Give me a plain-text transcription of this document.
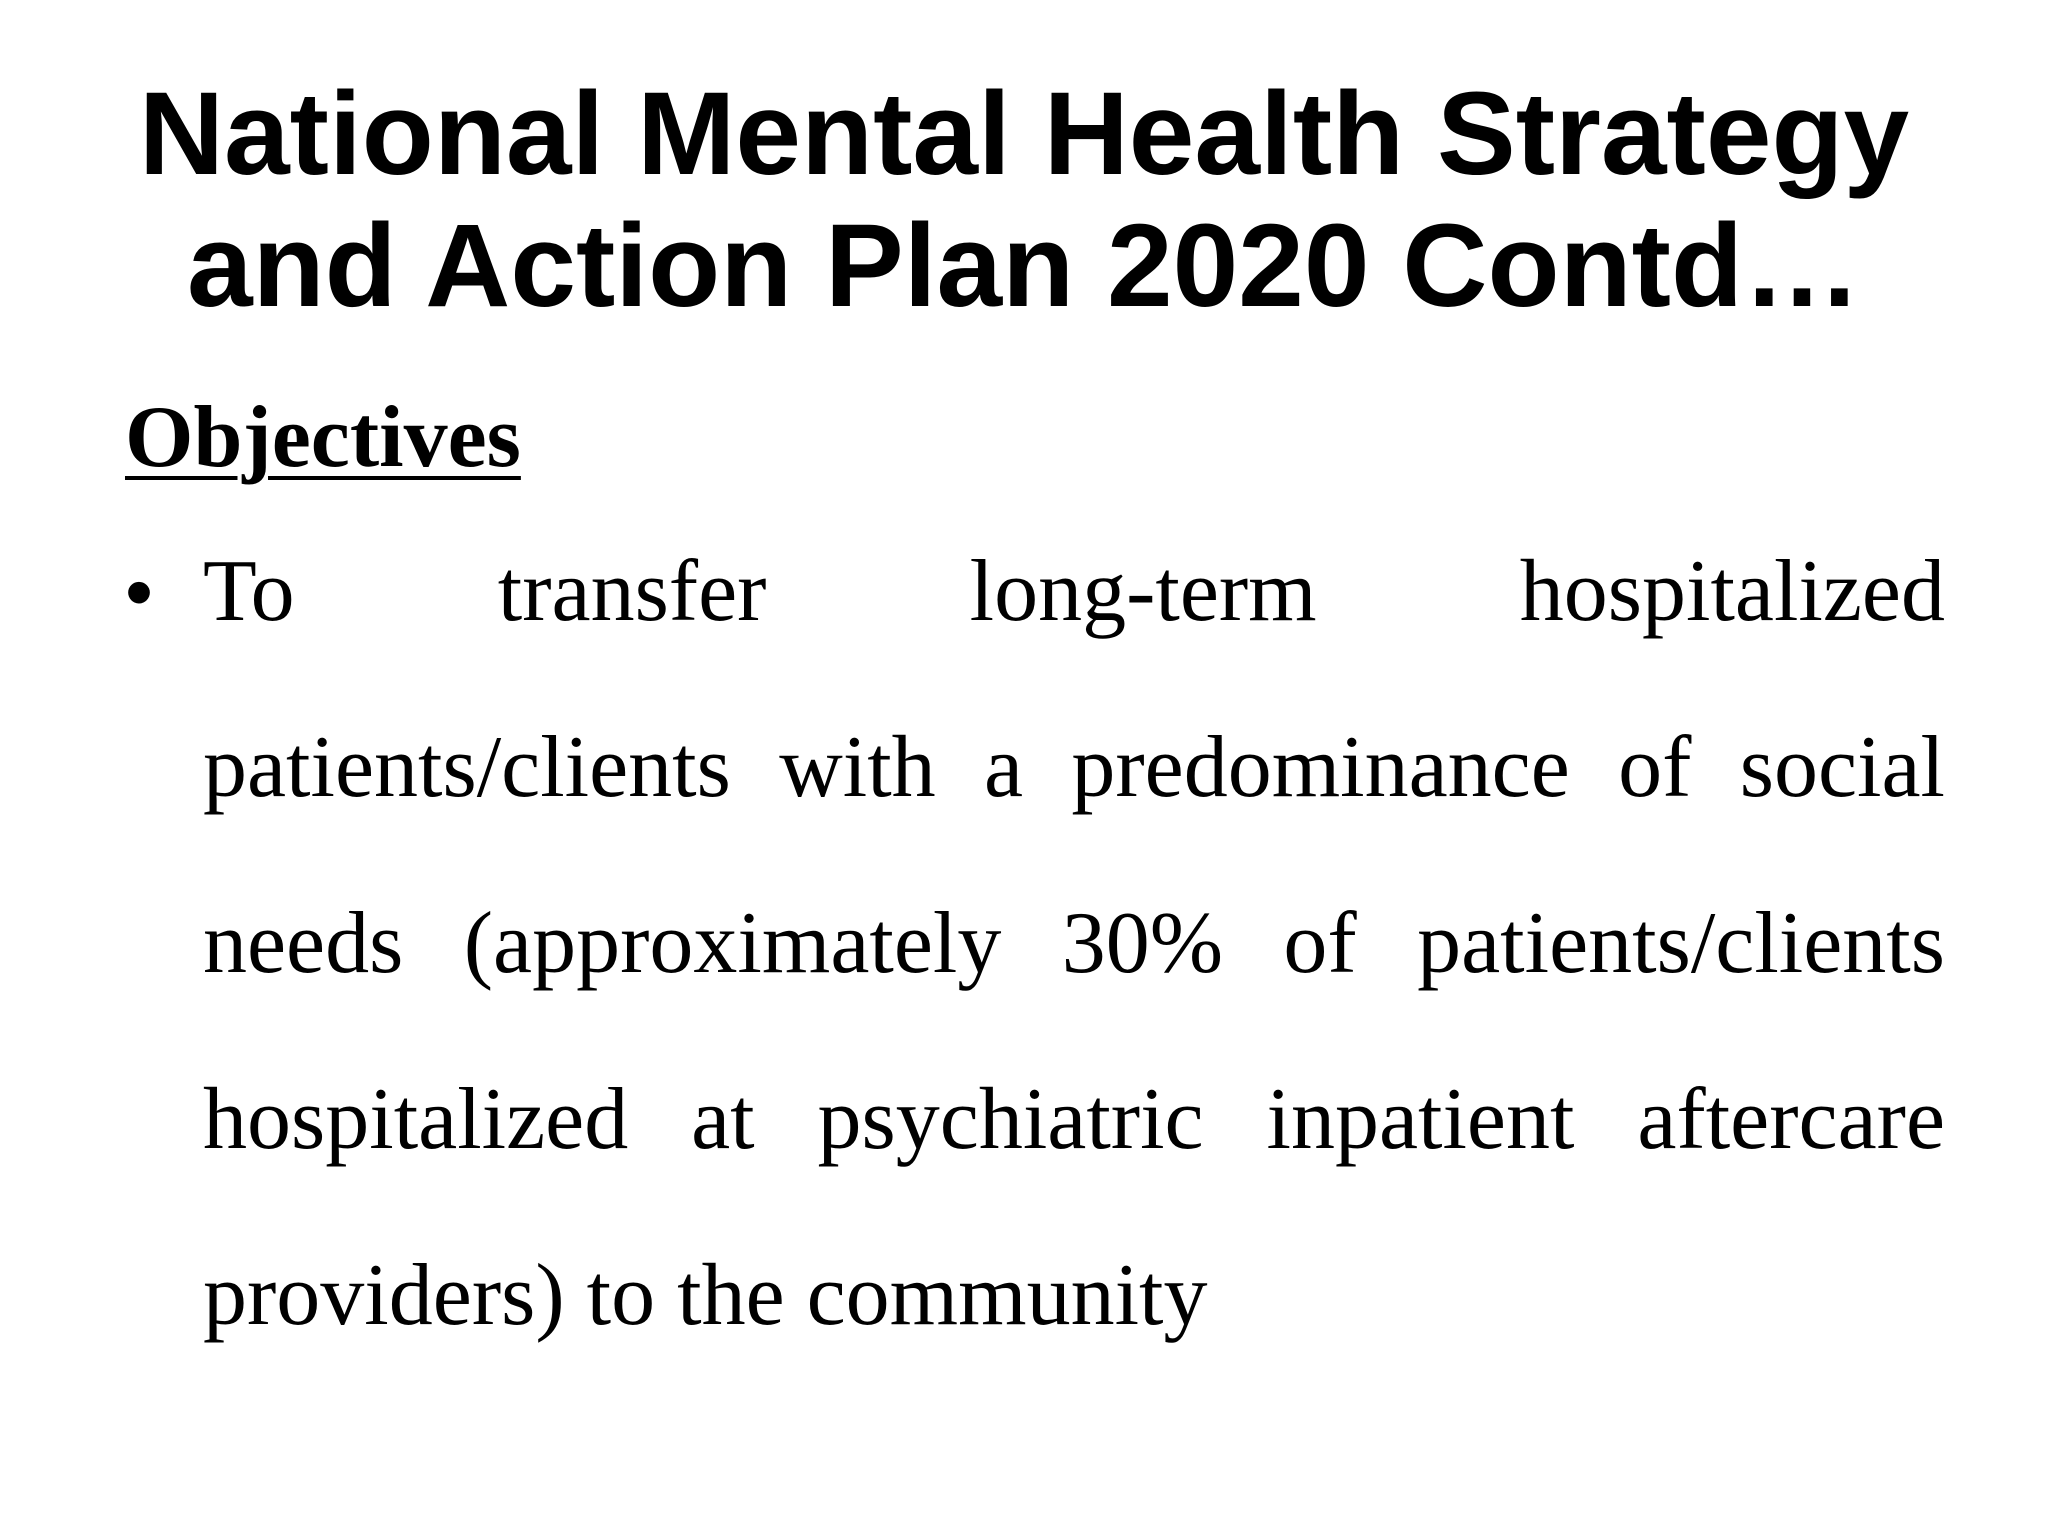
National Mental Health Strategy
and Action Plan 2020 Contd…
Objectives
• To transfer long-term hospitalized patients/clients with a predominance of social needs (approximately 30% of patients/clients hospitalized at psychiatric inpatient aftercare providers) to the community
